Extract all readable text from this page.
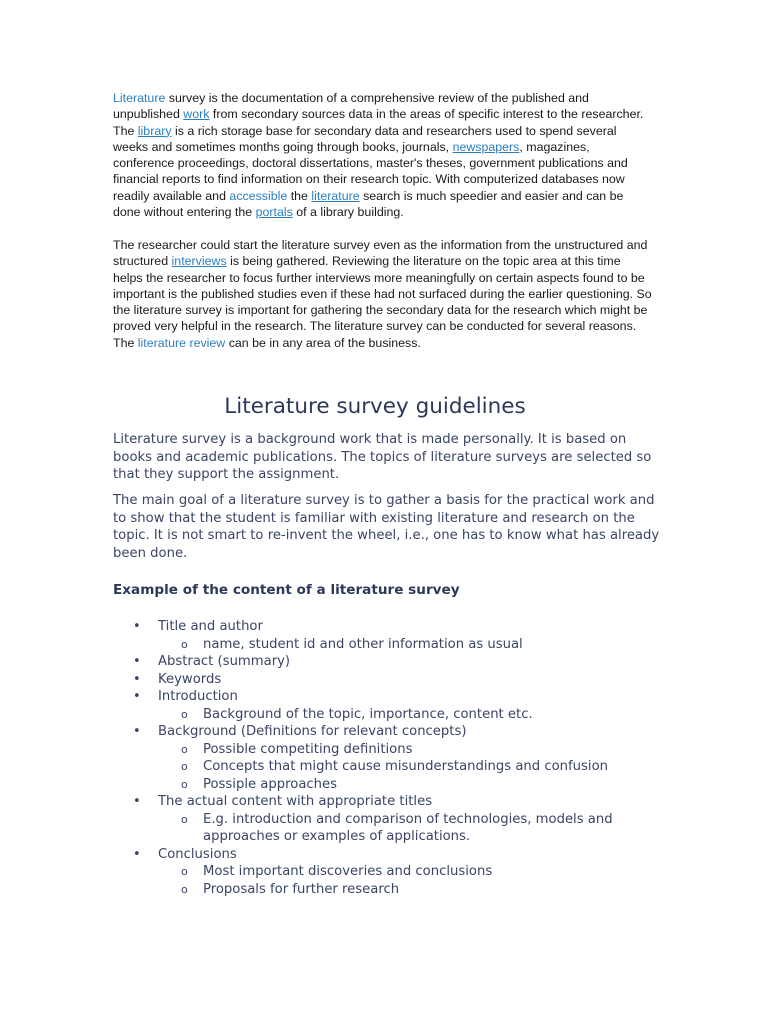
Literature survey is the documentation of a comprehensive review of the published and unpublished work from secondary sources data in the areas of specific interest to the researcher. The library is a rich storage base for secondary data and researchers used to spend several weeks and sometimes months going through books, journals, newspapers, magazines, conference proceedings, doctoral dissertations, master's theses, government publications and financial reports to find information on their research topic. With computerized databases now readily available and accessible the literature search is much speedier and easier and can be done without entering the portals of a library building.

The researcher could start the literature survey even as the information from the unstructured and structured interviews is being gathered. Reviewing the literature on the topic area at this time helps the researcher to focus further interviews more meaningfully on certain aspects found to be important is the published studies even if these had not surfaced during the earlier questioning. So the literature survey is important for gathering the secondary data for the research which might be proved very helpful in the research. The literature survey can be conducted for several reasons. The literature review can be in any area of the business.

Literature survey guidelines

Literature survey is a background work that is made personally. It is based on books and academic publications. The topics of literature surveys are selected so that they support the assignment.

The main goal of a literature survey is to gather a basis for the practical work and to show that the student is familiar with existing literature and research on the topic. It is not smart to re-invent the wheel, i.e., one has to know what has already been done.

Example of the content of a literature survey
• Title and author
o name, student id and other information as usual
• Abstract (summary)
• Keywords
• Introduction
o Background of the topic, importance, content etc.
• Background (Definitions for relevant concepts)
o Possible competiting definitions
o Concepts that might cause misunderstandings and confusion
o Possiple approaches
• The actual content with appropriate titles
o E.g. introduction and comparison of technologies, models and approaches or examples of applications.
• Conclusions
o Most important discoveries and conclusions
o Proposals for further research
